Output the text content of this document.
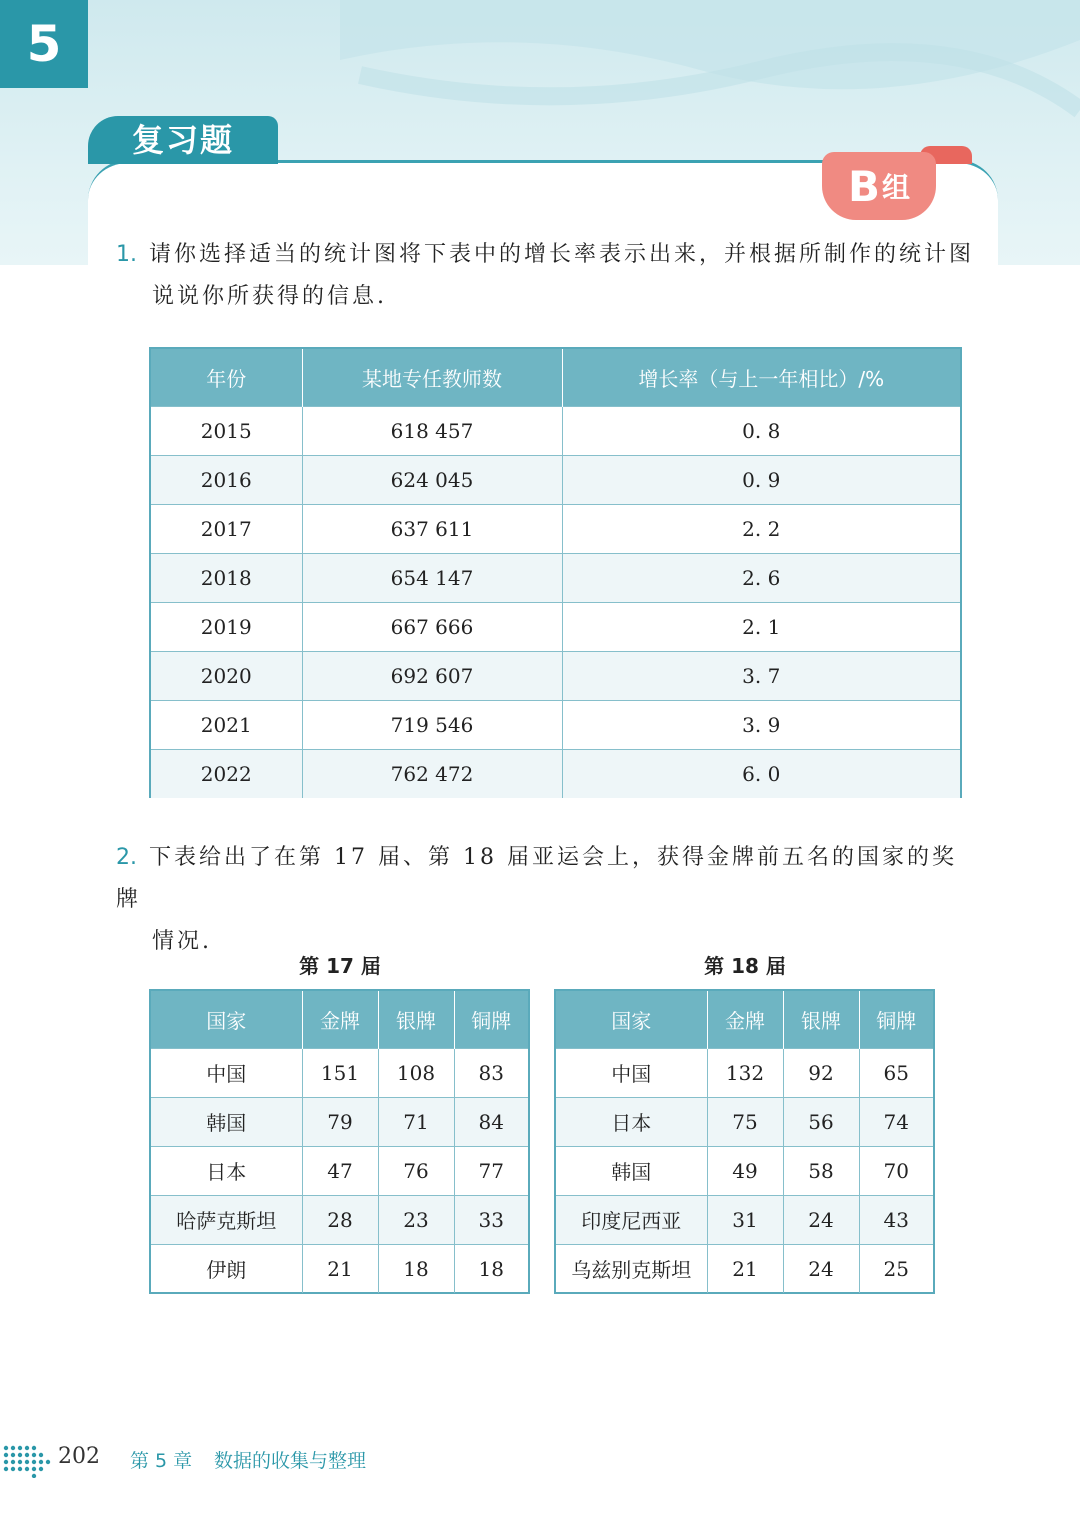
5
复习题
B 组
1. 请你选择适当的统计图将下表中的增长率表示出来，并根据所制作的统计图
说说你所获得的信息.
年份	某地专任教师数	增长率（与上一年相比）/%
2015	618 457	0. 8
2016	624 045	0. 9
2017	637 611	2. 2
2018	654 147	2. 6
2019	667 666	2. 1
2020	692 607	3. 7
2021	719 546	3. 9
2022	762 472	6. 0
2. 下表给出了在第 17 届、第 18 届亚运会上，获得金牌前五名的国家的奖牌
情况.
第 17 届
国家	金牌	银牌	铜牌
中国	151	108	83
韩国	79	71	84
日本	47	76	77
哈萨克斯坦	28	23	33
伊朗	21	18	18
第 18 届
国家	金牌	银牌	铜牌
中国	132	92	65
日本	75	56	74
韩国	49	58	70
印度尼西亚	31	24	43
乌兹别克斯坦	21	24	25
202 第 5 章 数据的收集与整理
